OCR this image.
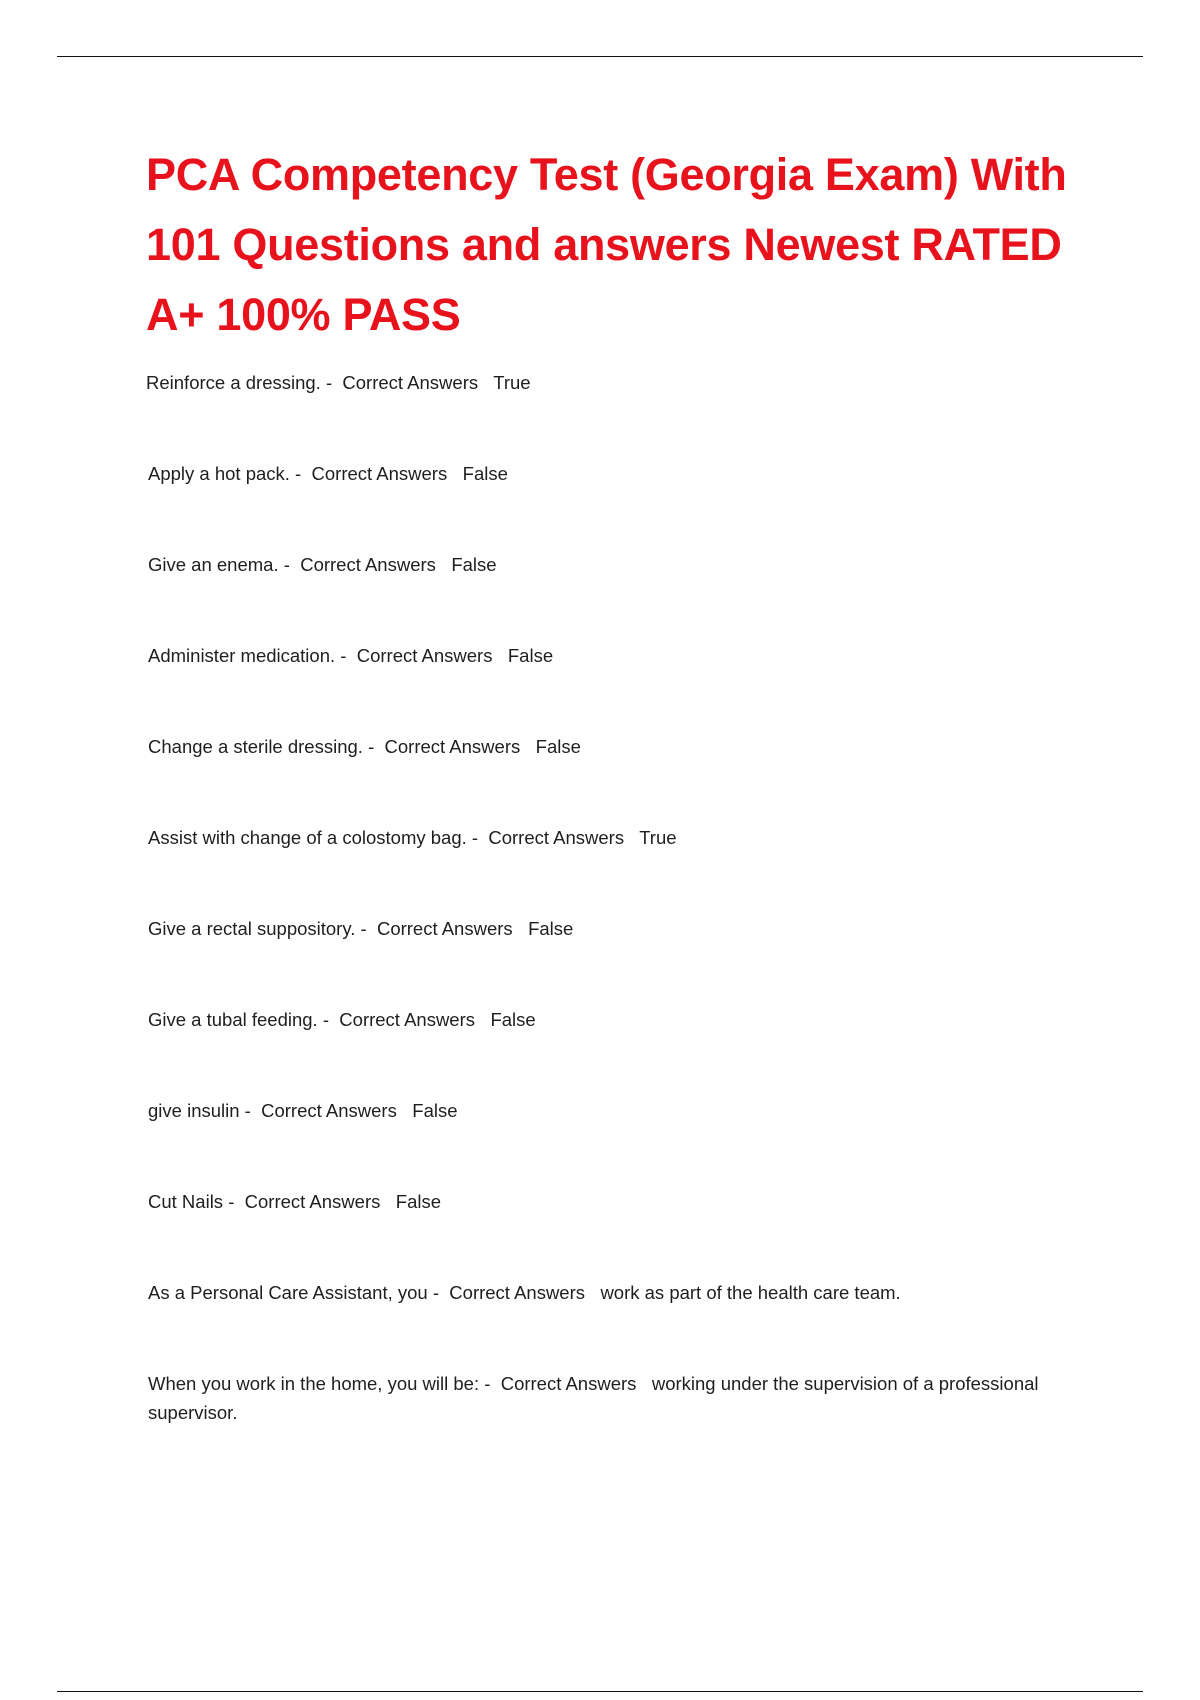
PCA Competency Test (Georgia Exam) With 101 Questions and answers Newest RATED A+ 100% PASS
Reinforce a dressing. -  Correct Answers True
Apply a hot pack. -  Correct Answers False
Give an enema. -  Correct Answers False
Administer medication. -  Correct Answers False
Change a sterile dressing. -  Correct Answers False
Assist with change of a colostomy bag. -  Correct Answers True
Give a rectal suppository. -  Correct Answers False
Give a tubal feeding. -  Correct Answers False
give insulin -  Correct Answers False
Cut Nails -  Correct Answers False
As a Personal Care Assistant, you -  Correct Answers work as part of the health care team.
When you work in the home, you will be: -  Correct Answers working under the supervision of a professional supervisor.
